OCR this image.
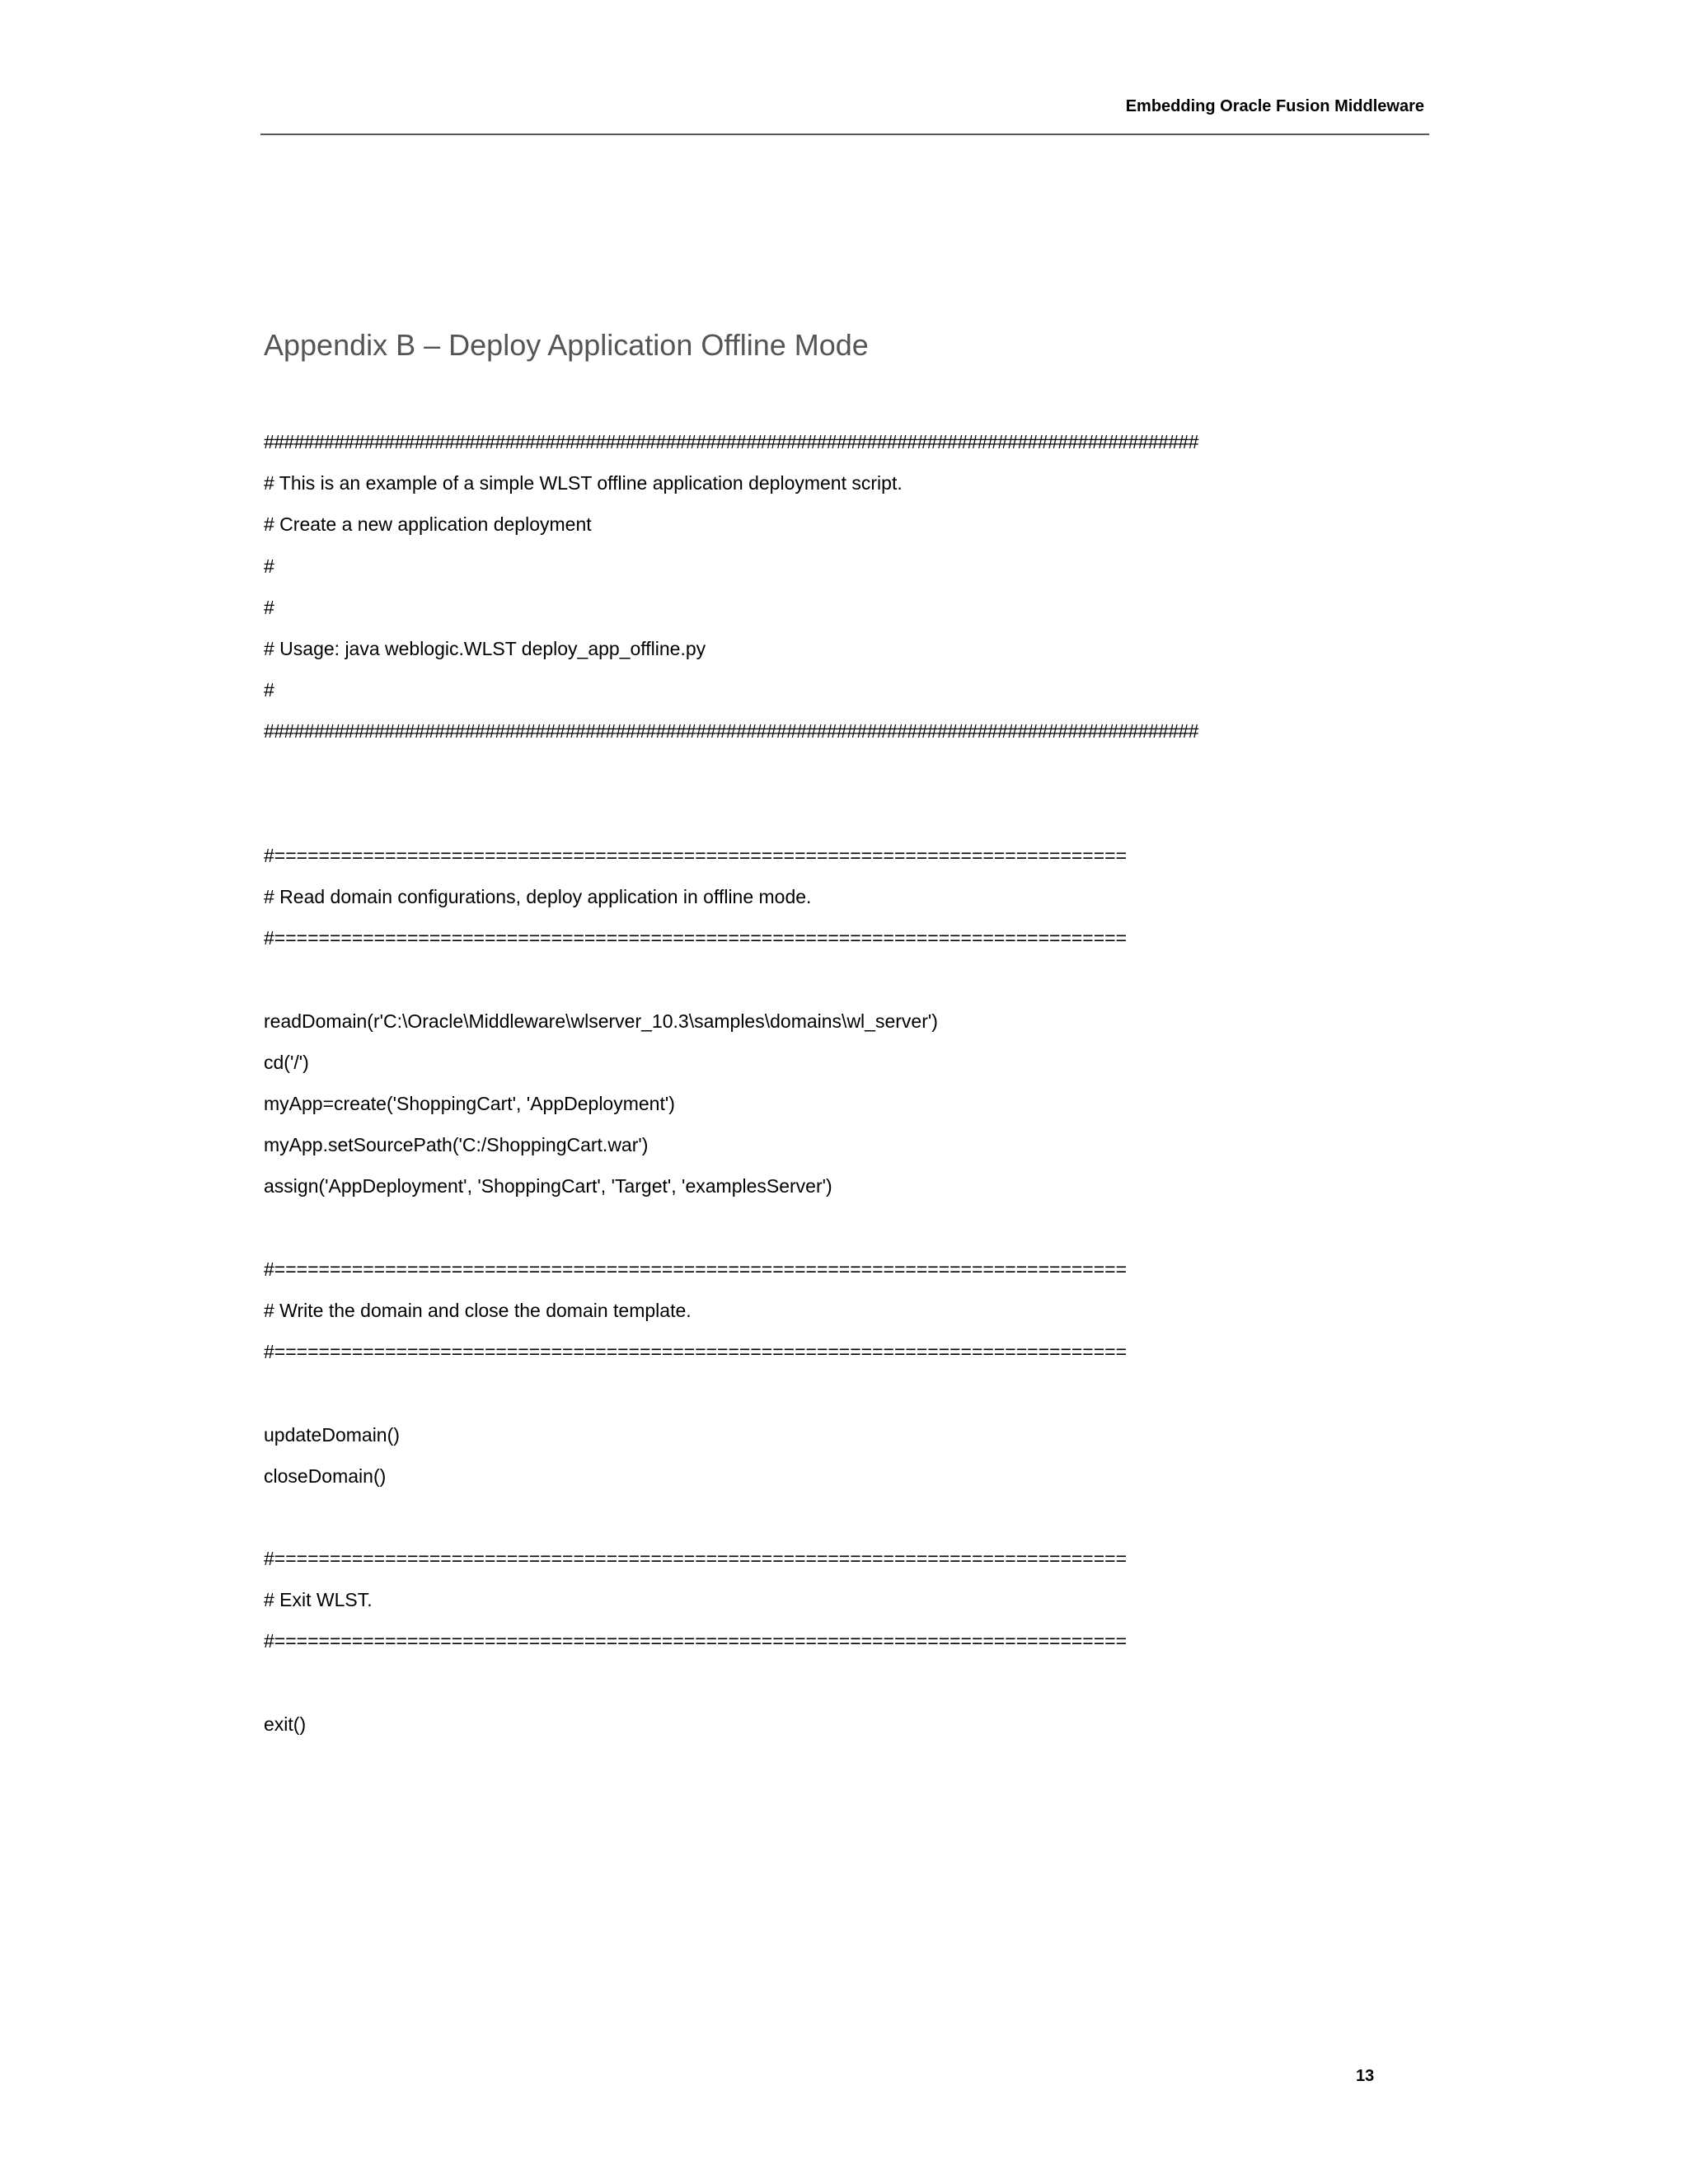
Embedding Oracle Fusion Middleware
Appendix B – Deploy Application Offline Mode
#############################################################################################
# This is an example of a simple WLST offline application deployment script.
# Create a new application deployment
#
#
# Usage: java weblogic.WLST deploy_app_offline.py
#
#############################################################################################
#=============================================================================
# Read domain configurations, deploy application in offline mode.
#=============================================================================
readDomain(r'C:\Oracle\Middleware\wlserver_10.3\samples\domains\wl_server')
cd('/')
myApp=create('ShoppingCart', 'AppDeployment')
myApp.setSourcePath('C:/ShoppingCart.war')
assign('AppDeployment', 'ShoppingCart', 'Target', 'examplesServer')
#=============================================================================
# Write the domain and close the domain template.
#=============================================================================
updateDomain()
closeDomain()
#=============================================================================
# Exit WLST.
#=============================================================================
exit()
13
